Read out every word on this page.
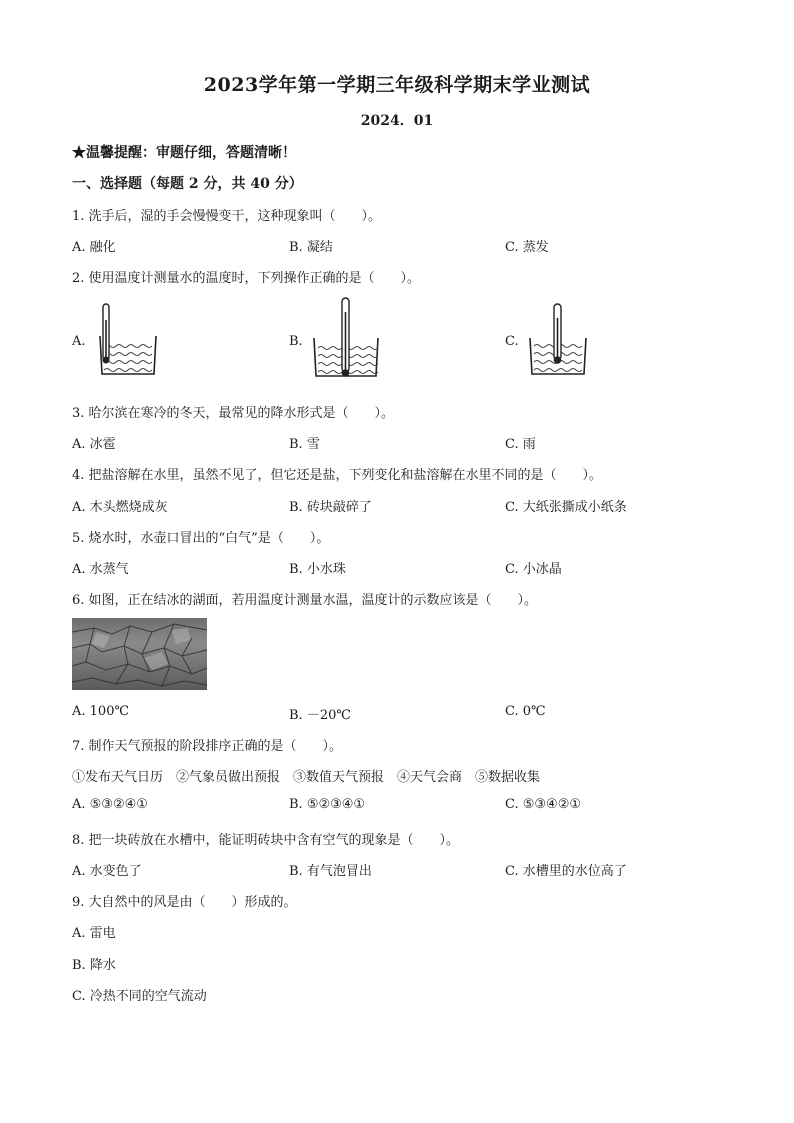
2023学年第一学期三年级科学期末学业测试
2024．01
★温馨提醒：审题仔细，答题清晰！
一、选择题（每题 2 分，共 40 分）
1. 洗手后，湿的手会慢慢变干，这种现象叫（　　）。
A. 融化	B. 凝结	C. 蒸发
2. 使用温度计测量水的温度时，下列操作正确的是（　　）。
A.	B.	C.
3. 哈尔滨在寒冷的冬天，最常见的降水形式是（　　）。
A. 冰雹	B. 雪	C. 雨
4. 把盐溶解在水里，虽然不见了，但它还是盐，下列变化和盐溶解在水里不同的是（　　）。
A. 木头燃烧成灰	B. 砖块敲碎了	C. 大纸张撕成小纸条
5. 烧水时，水壶口冒出的“白气”是（　　）。
A. 水蒸气	B. 小水珠	C. 小冰晶
6. 如图，正在结冰的湖面，若用温度计测量水温，温度计的示数应该是（　　）。
A. 100℃	B. －20℃	C. 0℃
7. 制作天气预报的阶段排序正确的是（　　）。
①发布天气日历　②气象员做出预报　③数值天气预报　④天气会商　⑤数据收集
A. ⑤③②④①	B. ⑤②③④①	C. ⑤③④②①
8. 把一块砖放在水槽中，能证明砖块中含有空气的现象是（　　）。
A. 水变色了	B. 有气泡冒出	C. 水槽里的水位高了
9. 大自然中的风是由（　　）形成的。
A. 雷电
B. 降水
C. 冷热不同的空气流动
